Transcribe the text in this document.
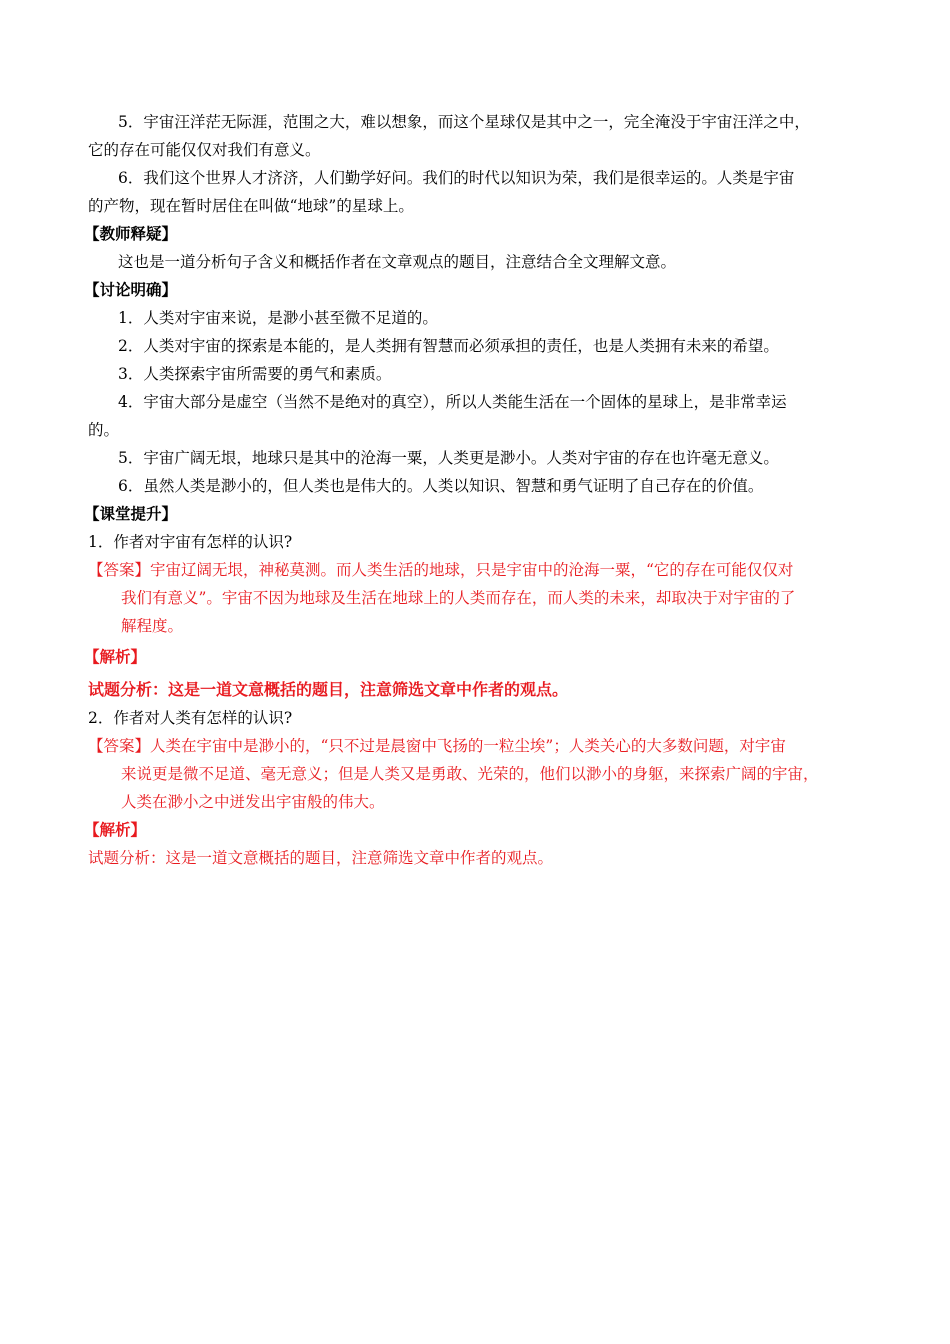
5．宇宙汪洋茫无际涯，范围之大，难以想象，而这个星球仅是其中之一，完全淹没于宇宙汪洋之中，
它的存在可能仅仅对我们有意义。
6．我们这个世界人才济济，人们勤学好问。我们的时代以知识为荣，我们是很幸运的。人类是宇宙
的产物，现在暂时居住在叫做“地球”的星球上。
【教师释疑】
这也是一道分析句子含义和概括作者在文章观点的题目，注意结合全文理解文意。
【讨论明确】
1．人类对宇宙来说，是渺小甚至微不足道的。
2．人类对宇宙的探索是本能的，是人类拥有智慧而必须承担的责任，也是人类拥有未来的希望。
3．人类探索宇宙所需要的勇气和素质。
4．宇宙大部分是虚空（当然不是绝对的真空），所以人类能生活在一个固体的星球上，是非常幸运
的。
5．宇宙广阔无垠，地球只是其中的沧海一粟，人类更是渺小。人类对宇宙的存在也许毫无意义。
6．虽然人类是渺小的，但人类也是伟大的。人类以知识、智慧和勇气证明了自己存在的价值。
【课堂提升】
1．作者对宇宙有怎样的认识?
【答案】宇宙辽阔无垠，神秘莫测。而人类生活的地球，只是宇宙中的沧海一粟，“它的存在可能仅仅对
我们有意义”。宇宙不因为地球及生活在地球上的人类而存在，而人类的未来，却取决于对宇宙的了
解程度。
【解析】
试题分析：这是一道文意概括的题目，注意筛选文章中作者的观点。
2．作者对人类有怎样的认识?
【答案】人类在宇宙中是渺小的，“只不过是晨窗中飞扬的一粒尘埃”；人类关心的大多数问题，对宇宙
来说更是微不足道、毫无意义；但是人类又是勇敢、光荣的，他们以渺小的身躯，来探索广阔的宇宙，
人类在渺小之中迸发出宇宙般的伟大。
【解析】
试题分析：这是一道文意概括的题目，注意筛选文章中作者的观点。
